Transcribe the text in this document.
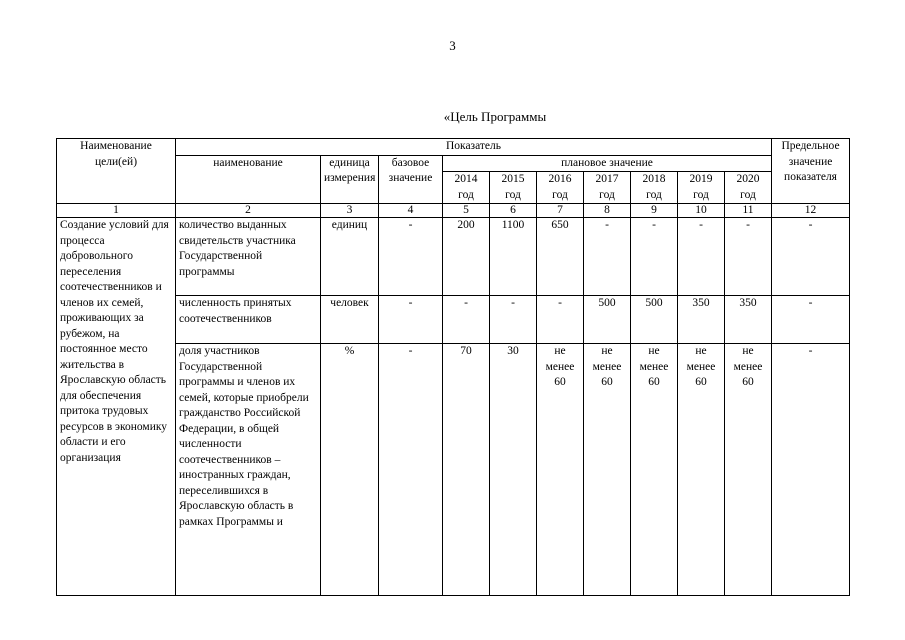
3
«Цель Программы
Наименование цели(ей)	Показатель										Предельное значение показателя
	наименование	единица измерения	базовое значение	плановое значение							
				2014 год	2015 год	2016 год	2017 год	2018 год	2019 год	2020 год	
1	2	3	4	5	6	7	8	9	10	11	12
Создание условий для процесса добровольного переселения соотечественников и членов их семей, проживающих за рубежом, на постоянное место жительства в Ярославскую область для обеспечения притока трудовых ресурсов в экономику области и его организация	количество выданных свидетельств участника Государственной программы	единиц	-	200	1100	650	-	-	-	-	-
	численность принятых соотечественников	человек	-	-	-	-	500	500	350	350	-
	доля участников Государственной программы и членов их семей, которые приобрели гражданство Российской Федерации, в общей численности соотечественников – иностранных граждан, переселившихся в Ярославскую область в рамках Программы и	%	-	70	30	не менее 60	не менее 60	не менее 60	не менее 60	не менее 60	-
